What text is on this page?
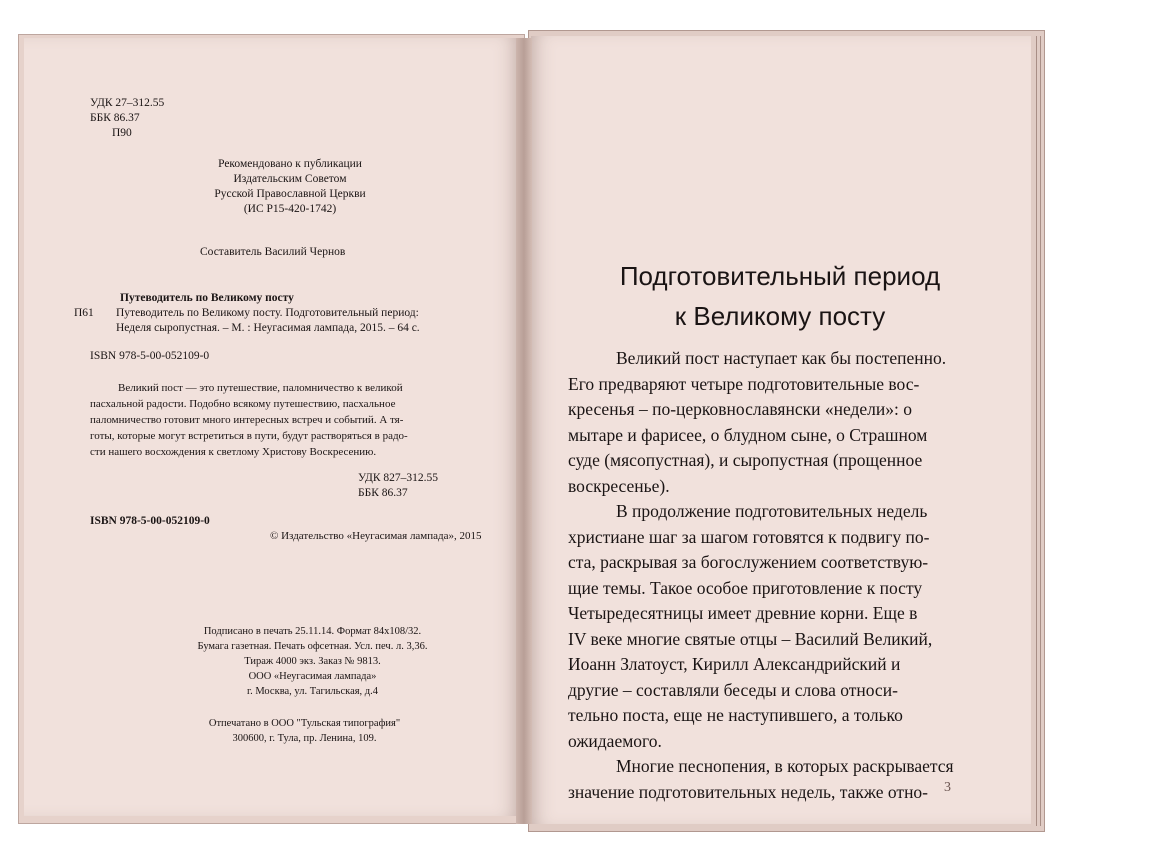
УДК 27–312.55
ББК 86.37
П90
Рекомендовано к публикации
Издательским Советом
Русской Православной Церкви
(ИС Р15-420-1742)
Составитель Василий Чернов
Путеводитель по Великому посту
П61	Путеводитель по Великому посту. Подготовительный период:
Неделя сыропустная. – М. : Неугасимая лампада, 2015. – 64 с.
ISBN 978-5-00-052109-0
Великий пост — это путешествие, паломничество к великой
пасхальной радости. Подобно всякому путешествию, пасхальное
паломничество готовит много интересных встреч и событий. А тя-
готы, которые могут встретиться в пути, будут растворяться в радо-
сти нашего восхождения к светлому Христову Воскресению.
УДК 827–312.55
ББК 86.37
ISBN 978-5-00-052109-0
© Издательство «Неугасимая лампада», 2015
Подписано в печать 25.11.14. Формат 84x108/32.
Бумага газетная. Печать офсетная. Усл. печ. л. 3,36.
Тираж 4000 экз. Заказ № 9813.
ООО «Неугасимая лампада»
г. Москва, ул. Тагильская, д.4
Отпечатано в ООО "Тульская типография"
300600, г. Тула, пр. Ленина, 109.
Подготовительный период
к Великому посту
Великий пост наступает как бы постепенно.
Его предваряют четыре подготовительные вос-
кресенья – по-церковнославянски «недели»: о
мытаре и фарисее, о блудном сыне, о Страшном
суде (мясопустная), и сыропустная (прощенное
воскресенье).
В продолжение подготовительных недель
христиане шаг за шагом готовятся к подвигу по-
ста, раскрывая за богослужением соответствую-
щие темы. Такое особое приготовление к посту
Четыредесятницы имеет древние корни. Еще в
IV веке многие святые отцы – Василий Великий,
Иоанн Златоуст, Кирилл Александрийский и
другие – составляли беседы и слова относи-
тельно поста, еще не наступившего, а только
ожидаемого.
Многие песнопения, в которых раскрывается
значение подготовительных недель, также отно-	3
